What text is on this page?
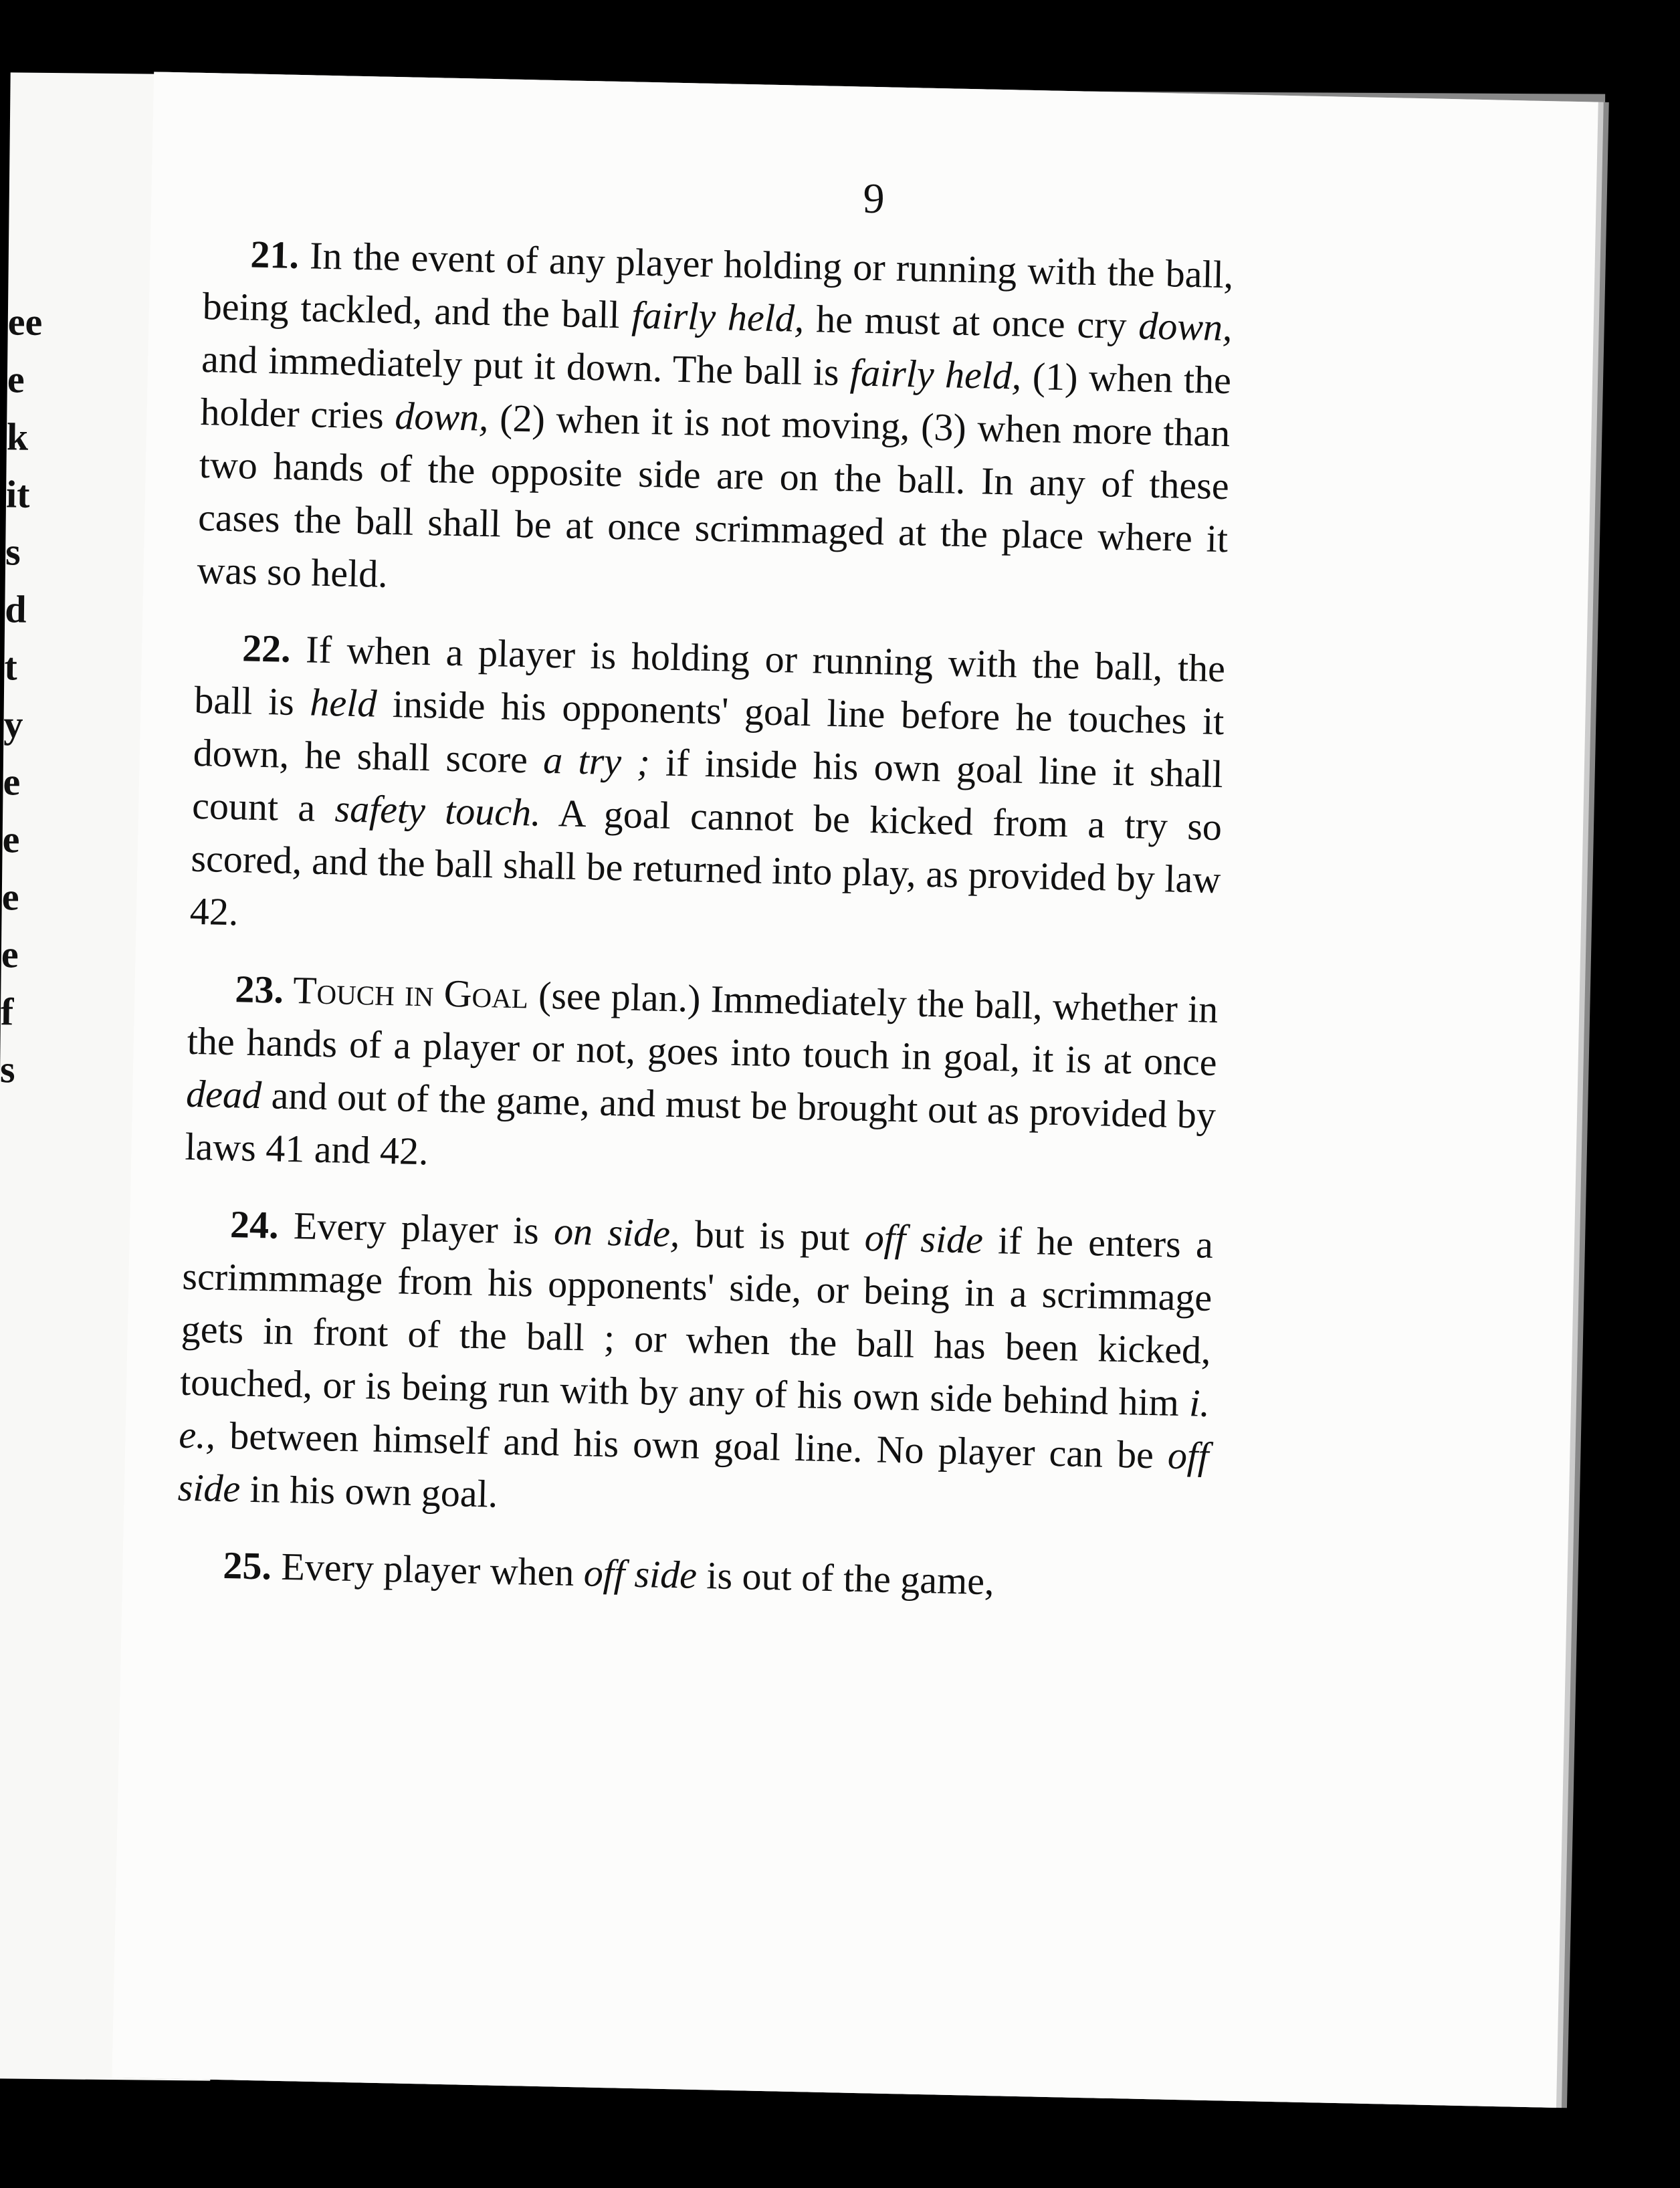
ee
e
k
it
s
d
t
y
e
e
e
e
f
s
9

21. In the event of any player holding or running with the ball, being tackled, and the ball fairly held, he must at once cry down, and immediately put it down. The ball is fairly held, (1) when the holder cries down, (2) when it is not moving, (3) when more than two hands of the opposite side are on the ball. In any of these cases the ball shall be at once scrimmaged at the place where it was so held.

22. If when a player is holding or running with the ball, the ball is held inside his opponents' goal line before he touches it down, he shall score a try ; if inside his own goal line it shall count a safety touch. A goal cannot be kicked from a try so scored, and the ball shall be returned into play, as provided by law 42.

23. Touch in Goal (see plan.) Immediately the ball, whether in the hands of a player or not, goes into touch in goal, it is at once dead and out of the game, and must be brought out as provided by laws 41 and 42.

24. Every player is on side, but is put off side if he enters a scrimmmage from his opponents' side, or being in a scrimmage gets in front of the ball ; or when the ball has been kicked, touched, or is being run with by any of his own side behind him i. e., between himself and his own goal line. No player can be off side in his own goal.

25. Every player when off side is out of the game,
